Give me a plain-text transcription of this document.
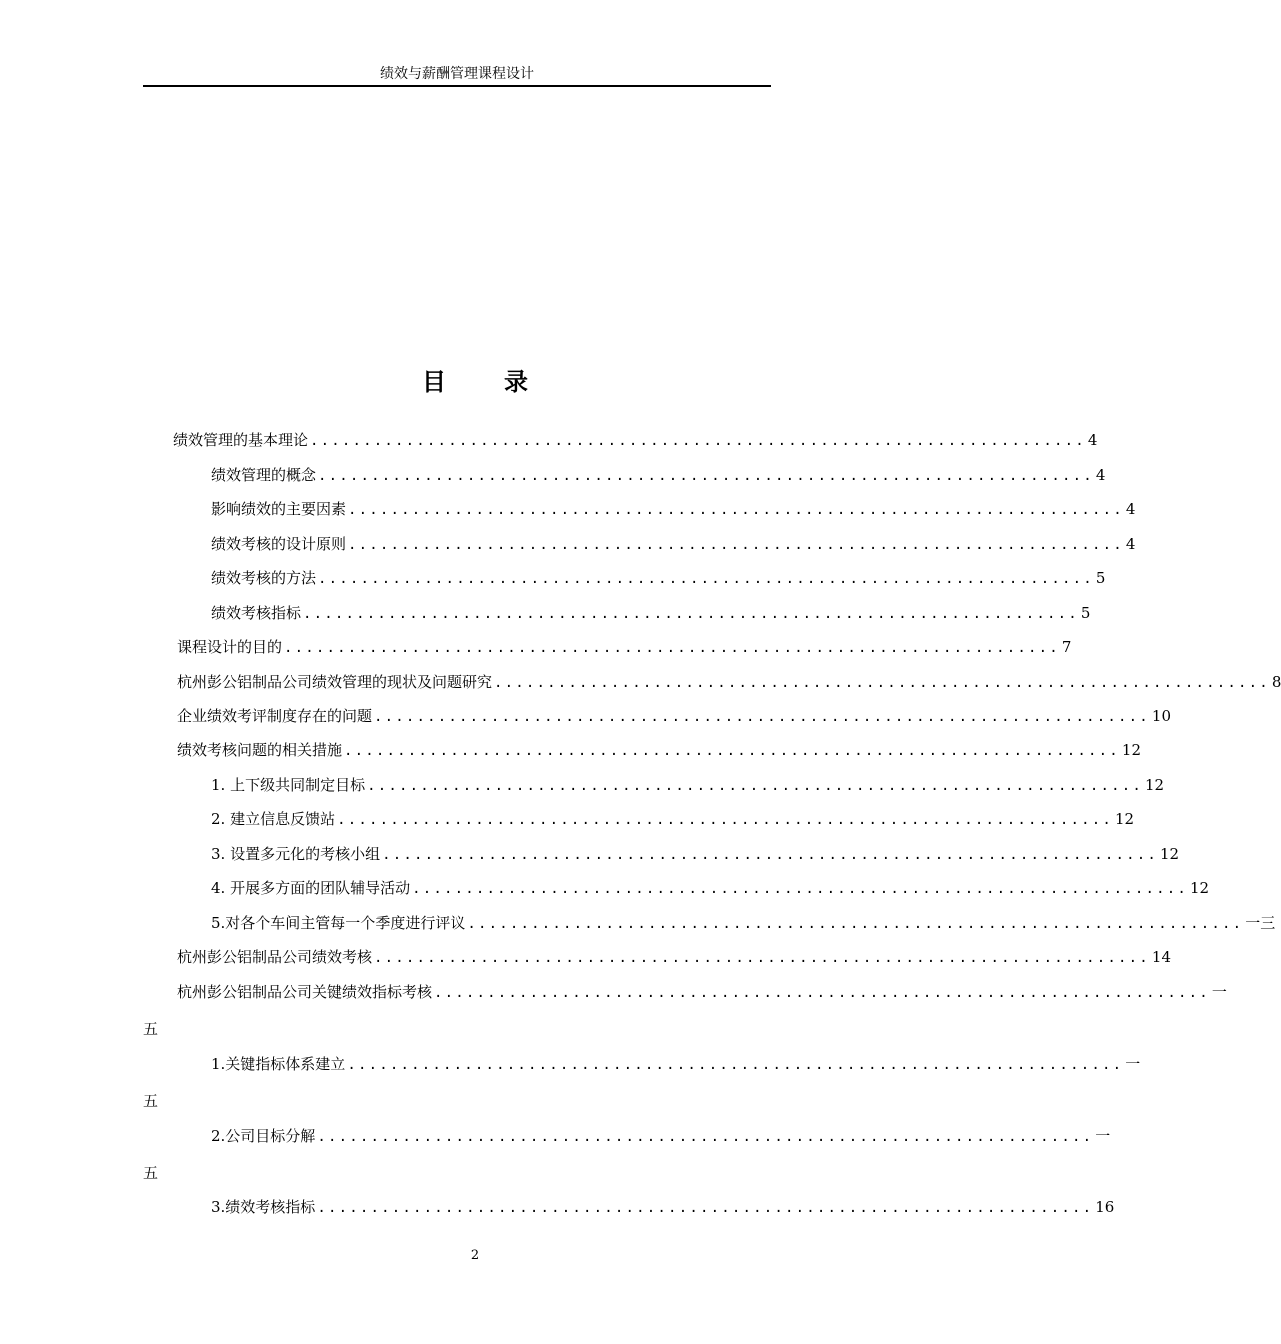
绩效与薪酬管理课程设计
目录
绩效管理的基本理论 ......................................................................... 4
绩效管理的概念 ......................................................................... 4
影响绩效的主要因素 ......................................................................... 4
绩效考核的设计原则 ......................................................................... 4
绩效考核的方法 ......................................................................... 5
绩效考核指标 ......................................................................... 5
课程设计的目的 ......................................................................... 7
杭州彭公铝制品公司绩效管理的现状及问题研究 ......................................................................... 8
企业绩效考评制度存在的问题 ......................................................................... 10
绩效考核问题的相关措施 ......................................................................... 12
1. 上下级共同制定目标 ......................................................................... 12
2. 建立信息反馈站 ......................................................................... 12
3. 设置多元化的考核小组 ......................................................................... 12
4. 开展多方面的团队辅导活动 ......................................................................... 12
5.对各个车间主管每一个季度进行评议 ......................................................................... 一三
杭州彭公铝制品公司绩效考核 ......................................................................... 14
杭州彭公铝制品公司关键绩效指标考核 ......................................................................... 一
五
1.关键指标体系建立 ......................................................................... 一
五
2.公司目标分解 ......................................................................... 一
五
3.绩效考核指标 ......................................................................... 16
2
